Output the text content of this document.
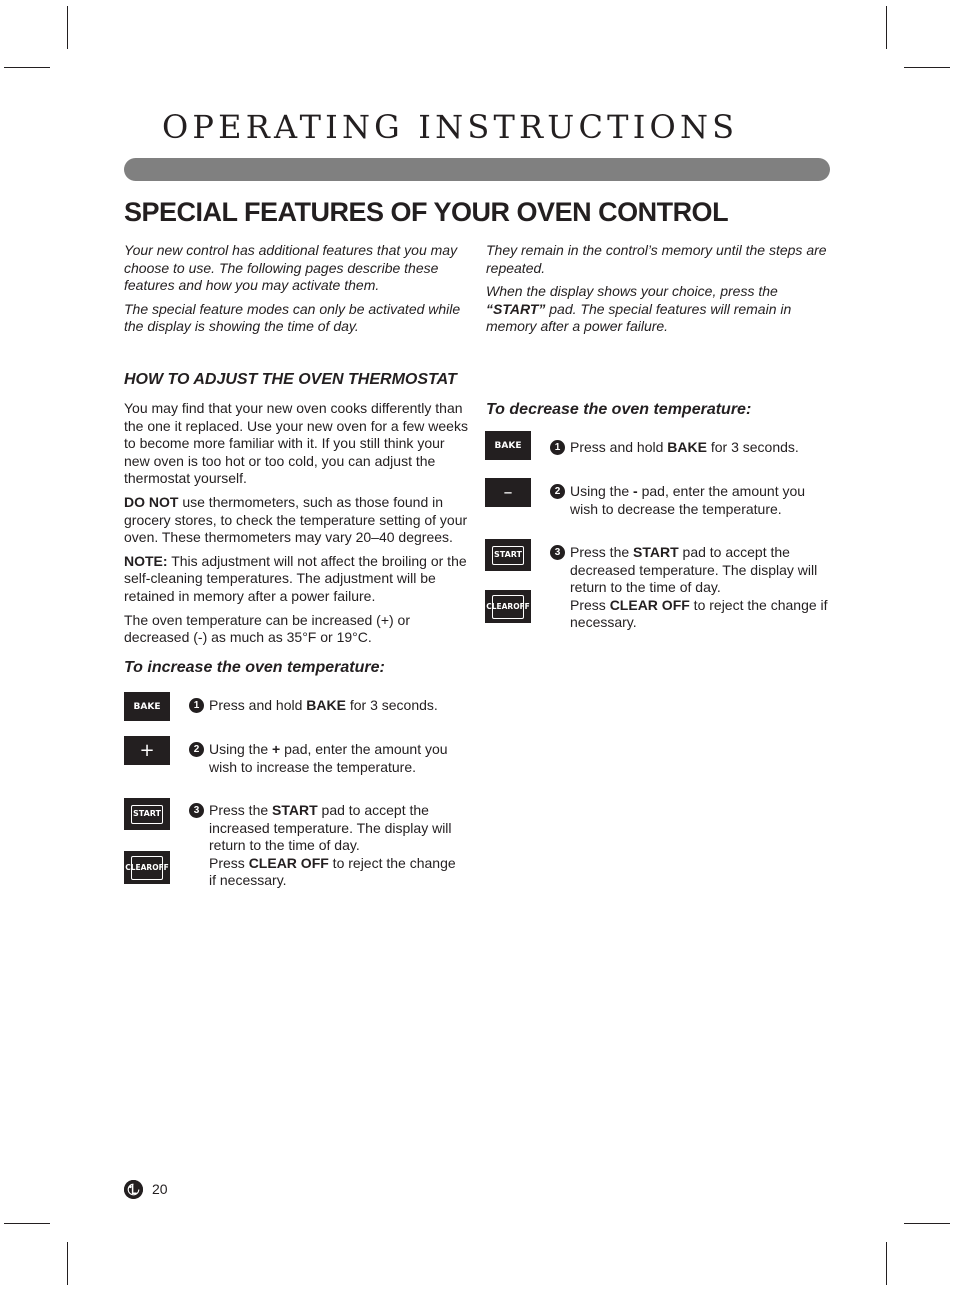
OPERATING INSTRUCTIONS
SPECIAL FEATURES OF YOUR OVEN CONTROL

Your new control has additional features that you may choose to use. The following pages describe these features and how you may activate them.

The special feature modes can only be activated while the display is showing the time of day.

They remain in the control’s memory until the steps are repeated.

When the display shows your choice, press the “START” pad. The special features will remain in memory after a power failure.

HOW TO ADJUST THE OVEN THERMOSTAT

You may find that your new oven cooks differently than the one it replaced. Use your new oven for a few weeks to become more familiar with it. If you still think your new oven is too hot or too cold, you can adjust the thermostat yourself.

DO NOT use thermometers, such as those found in grocery stores, to check the temperature setting of your oven. These thermometers may vary 20–40 degrees.

NOTE: This adjustment will not affect the broiling or the self-cleaning temperatures. The adjustment will be retained in memory after a power failure.

The oven temperature can be increased (+) or decreased (-) as much as 35°F or 19°C.

To increase the oven temperature:
BAKE
+
START
CLEAR OFF
1 Press and hold BAKE for 3 seconds.
2 Using the + pad, enter the amount you wish to increase the temperature.
3 Press the START pad to accept the increased temperature. The display will return to the time of day.
Press CLEAR OFF to reject the change if necessary.
To decrease the oven temperature:
BAKE
–
START
CLEAR OFF
1 Press and hold BAKE for 3 seconds.
2 Using the - pad, enter the amount you wish to decrease the temperature.
3 Press the START pad to accept the decreased temperature. The display will return to the time of day.
Press CLEAR OFF to reject the change if necessary.
20
